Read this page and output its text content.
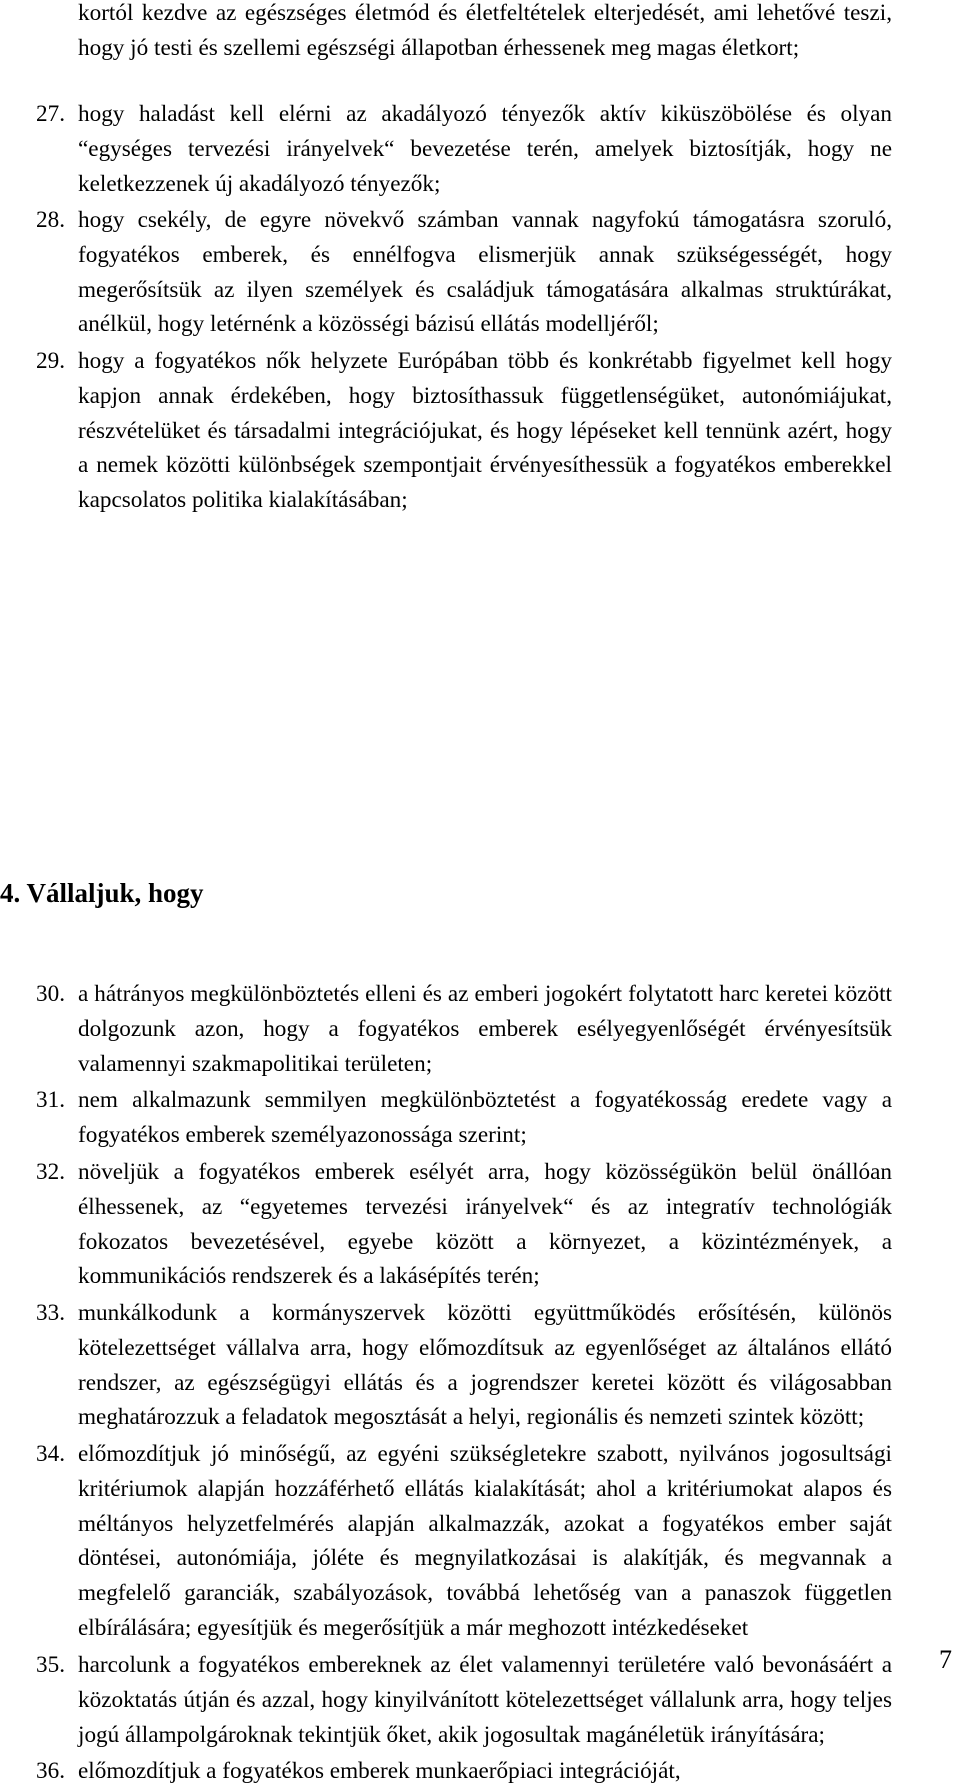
kortól kezdve az egészséges életmód és életfeltételek elterjedését, ami lehetővé teszi, hogy jó testi és szellemi egészségi állapotban érhessenek meg magas életkort;

27. hogy haladást kell elérni az akadályozó tényezők aktív kiküszöbölése és olyan “egységes tervezési irányelvek“ bevezetése terén, amelyek biztosítják, hogy ne keletkezzenek új akadályozó tényezők;
28. hogy csekély, de egyre növekvő számban vannak nagyfokú támogatásra szoruló, fogyatékos emberek, és ennélfogva elismerjük annak szükségességét, hogy megerősítsük az ilyen személyek és családjuk támogatására alkalmas struktúrákat, anélkül, hogy letérnénk a közösségi bázisú ellátás modelljéről;
29. hogy a fogyatékos nők helyzete Európában több és konkrétabb figyelmet kell hogy kapjon annak érdekében, hogy biztosíthassuk függetlenségüket, autonómiájukat, részvételüket és társadalmi integrációjukat, és hogy lépéseket kell tennünk azért, hogy a nemek közötti különbségek szempontjait érvényesíthessük a fogyatékos emberekkel kapcsolatos politika kialakításában;
4. Vállaljuk, hogy
30. a hátrányos megkülönböztetés elleni és az emberi jogokért folytatott harc keretei között dolgozunk azon, hogy a fogyatékos emberek esélyegyenlőségét érvényesítsük valamennyi szakmapolitikai területen;
31. nem alkalmazunk semmilyen megkülönböztetést a fogyatékosság eredete vagy a fogyatékos emberek személyazonossága szerint;
32. növeljük a fogyatékos emberek esélyét arra, hogy közösségükön belül önállóan élhessenek, az “egyetemes tervezési irányelvek“ és az integratív technológiák fokozatos bevezetésével, egyebe között a környezet, a közintézmények, a kommunikációs rendszerek és a lakásépítés terén;
33. munkálkodunk a kormányszervek közötti együttműködés erősítésén, különös kötelezettséget vállalva arra, hogy előmozdítsuk az egyenlőséget az általános ellátó rendszer, az egészségügyi ellátás és a jogrendszer keretei között és világosabban meghatározzuk a feladatok megosztását a helyi, regionális és nemzeti szintek között;
7
34. előmozdítjuk jó minőségű, az egyéni szükségletekre szabott, nyilvános jogosultsági kritériumok alapján hozzáférhető ellátás kialakítását; ahol a kritériumokat alapos és méltányos helyzetfelmérés alapján alkalmazzák, azokat a fogyatékos ember saját döntései, autonómiája, jóléte és megnyilatkozásai is alakítják, és megvannak a megfelelő garanciák, szabályozások, továbbá lehetőség van a panaszok független elbírálására; egyesítjük és megerősítjük a már meghozott intézkedéseket
35. harcolunk a fogyatékos embereknek az élet valamennyi területére való bevonásáért a közoktatás útján és azzal, hogy kinyilvánított kötelezettséget vállalunk arra, hogy teljes jogú állampolgároknak tekintjük őket, akik jogosultak magánéletük irányítására;
36. előmozdítjuk a fogyatékos emberek munkaerőpiaci integrációját,
